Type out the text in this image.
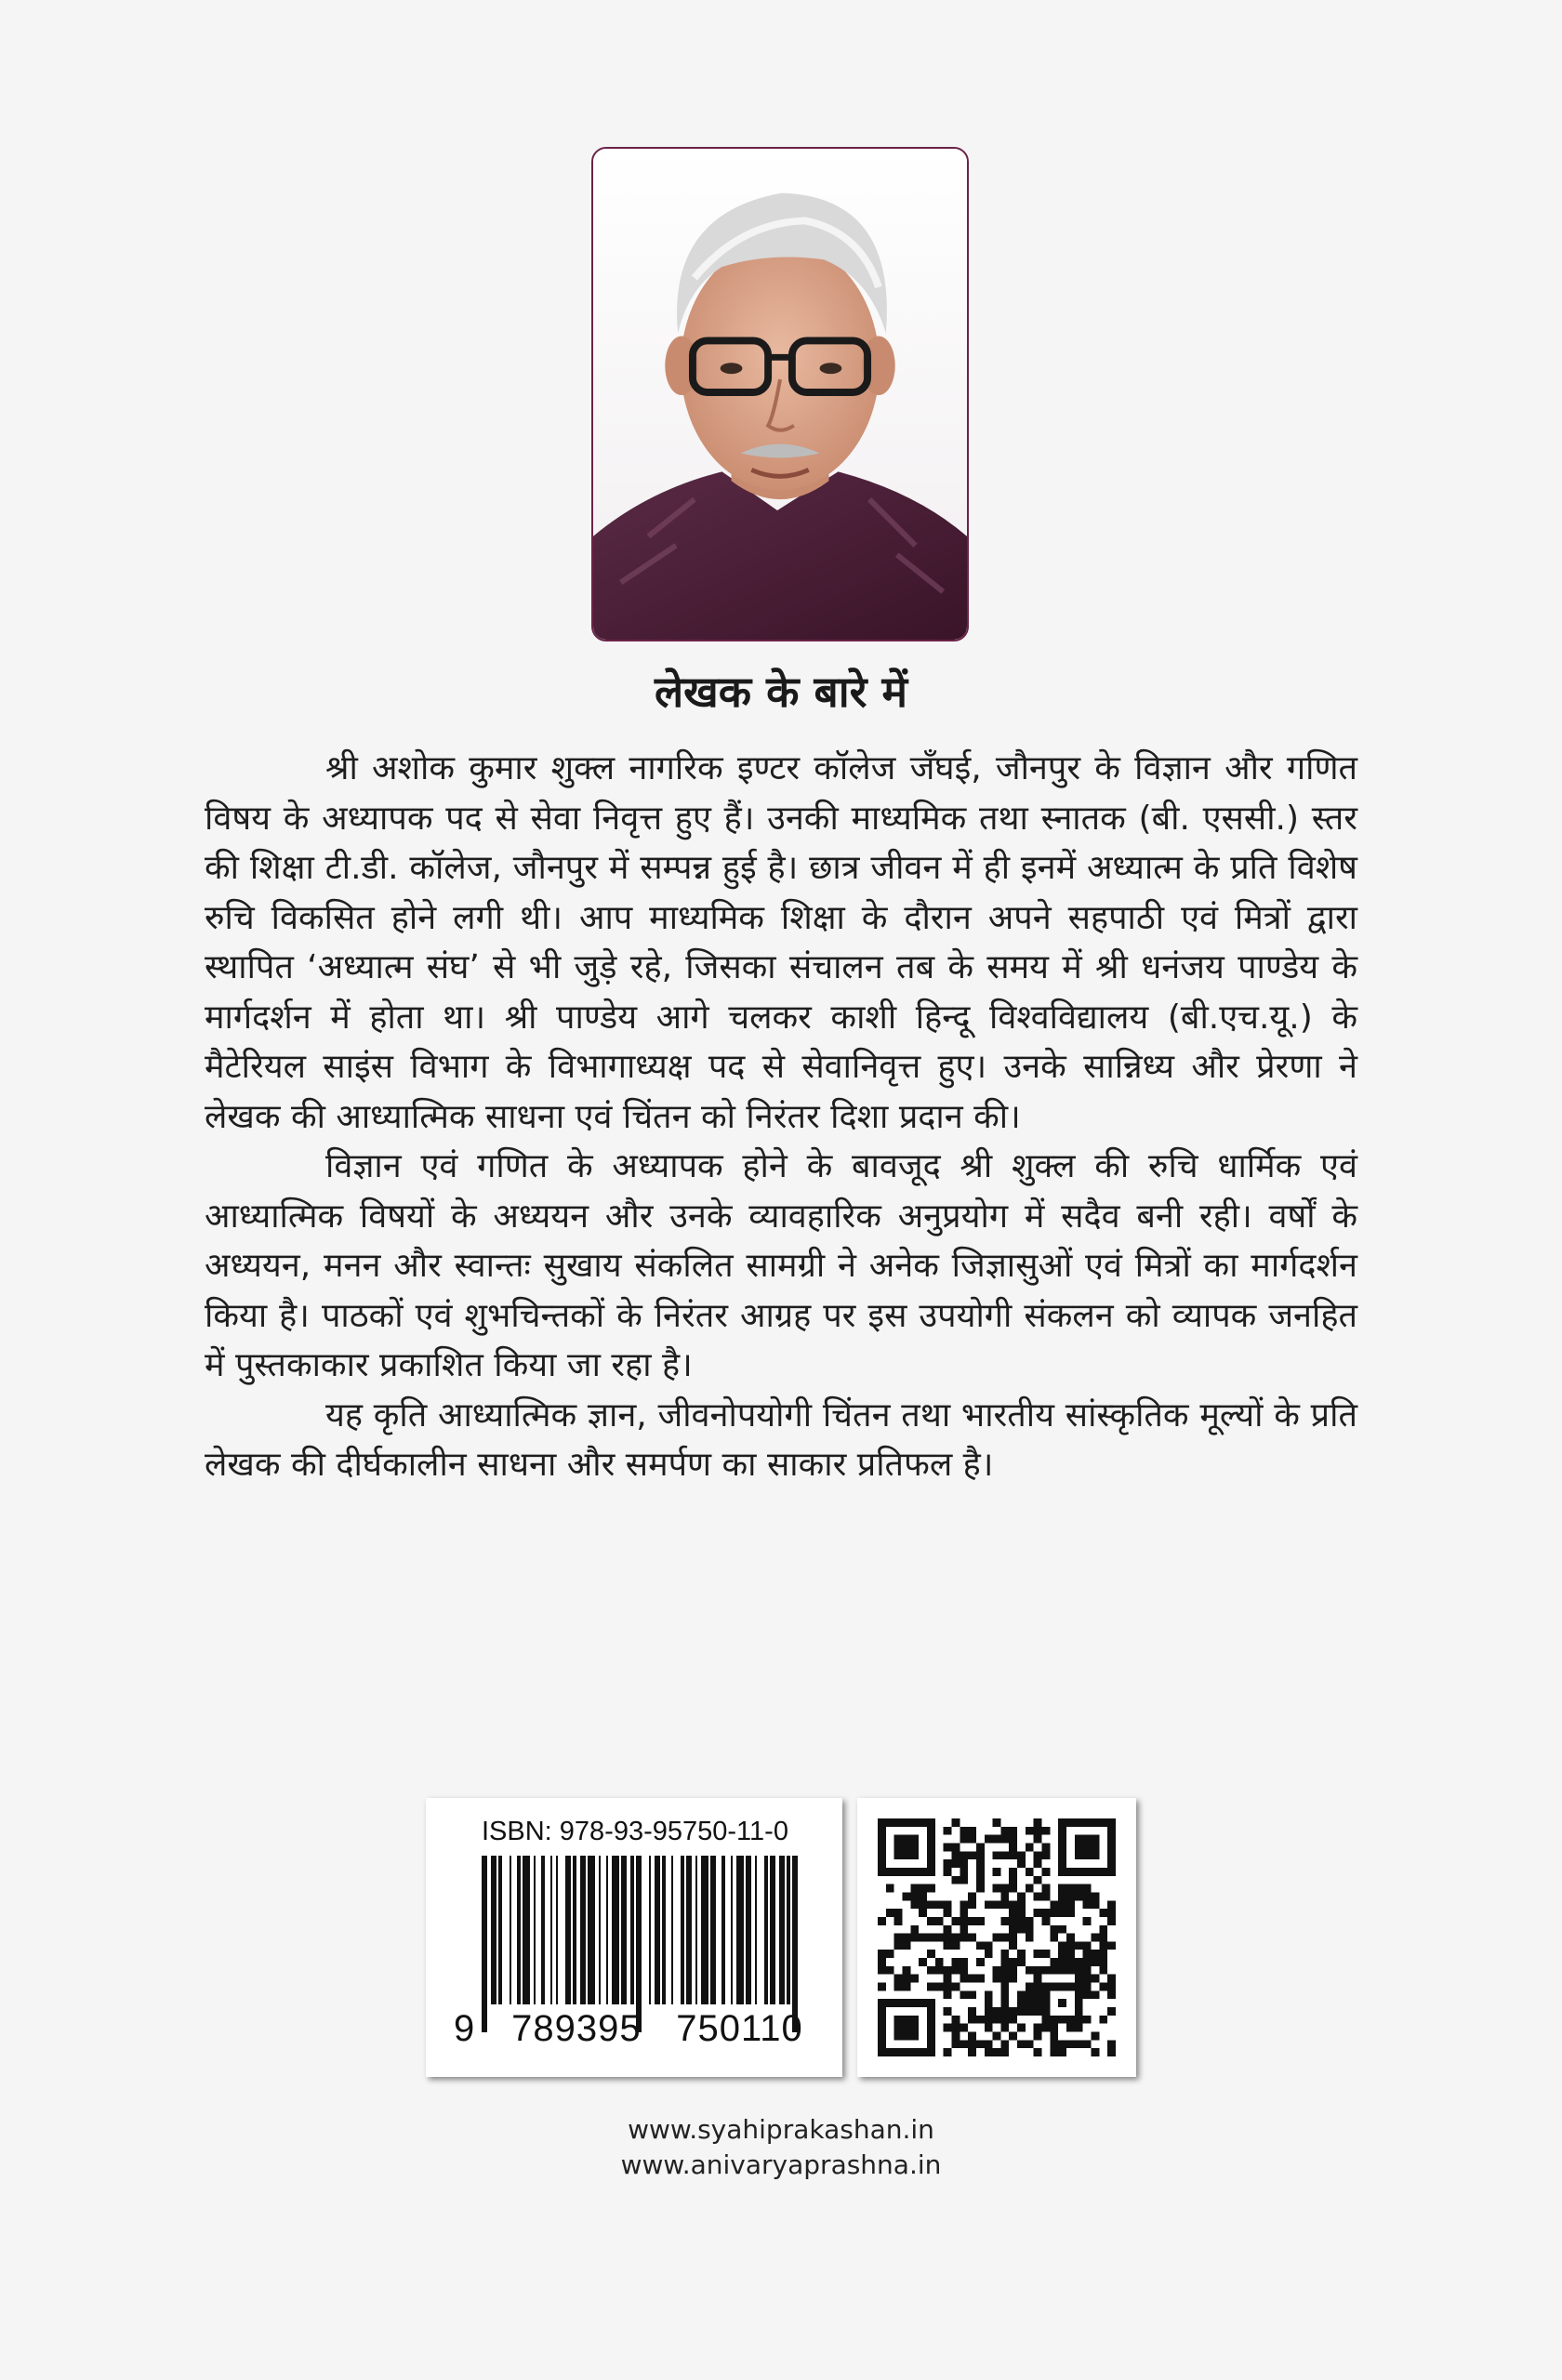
लेखक के बारे में

श्री अशोक कुमार शुक्ल नागरिक इण्टर कॉलेज जँघई, जौनपुर के विज्ञान और गणित विषय के अध्यापक पद से सेवा निवृत्त हुए हैं। उनकी माध्यमिक तथा स्नातक (बी. एससी.) स्तर की शिक्षा टी.डी. कॉलेज, जौनपुर में सम्पन्न हुई है। छात्र जीवन में ही इनमें अध्यात्म के प्रति विशेष रुचि विकसित होने लगी थी। आप माध्यमिक शिक्षा के दौरान अपने सहपाठी एवं मित्रों द्वारा स्थापित ‘अध्यात्म संघ’ से भी जुड़े रहे, जिसका संचालन तब के समय में श्री धनंजय पाण्डेय के मार्गदर्शन में होता था। श्री पाण्डेय आगे चलकर काशी हिन्दू विश्वविद्यालय (बी.एच.यू.) के मैटेरियल साइंस विभाग के विभागाध्यक्ष पद से सेवानिवृत्त हुए। उनके सान्निध्य और प्रेरणा ने लेखक की आध्यात्मिक साधना एवं चिंतन को निरंतर दिशा प्रदान की।

विज्ञान एवं गणित के अध्यापक होने के बावजूद श्री शुक्ल की रुचि धार्मिक एवं आध्यात्मिक विषयों के अध्ययन और उनके व्यावहारिक अनुप्रयोग में सदैव बनी रही। वर्षों के अध्ययन, मनन और स्वान्तः सुखाय संकलित सामग्री ने अनेक जिज्ञासुओं एवं मित्रों का मार्गदर्शन किया है। पाठकों एवं शुभचिन्तकों के निरंतर आग्रह पर इस उपयोगी संकलन को व्यापक जनहित में पुस्तकाकार प्रकाशित किया जा रहा है।

यह कृति आध्यात्मिक ज्ञान, जीवनोपयोगी चिंतन तथा भारतीय सांस्कृतिक मूल्यों के प्रति लेखक की दीर्घकालीन साधना और समर्पण का साकार प्रतिफल है।

ISBN: 978-93-95750-11-0
9 789395 750110
www.syahiprakashan.in
www.anivaryaprashna.in
